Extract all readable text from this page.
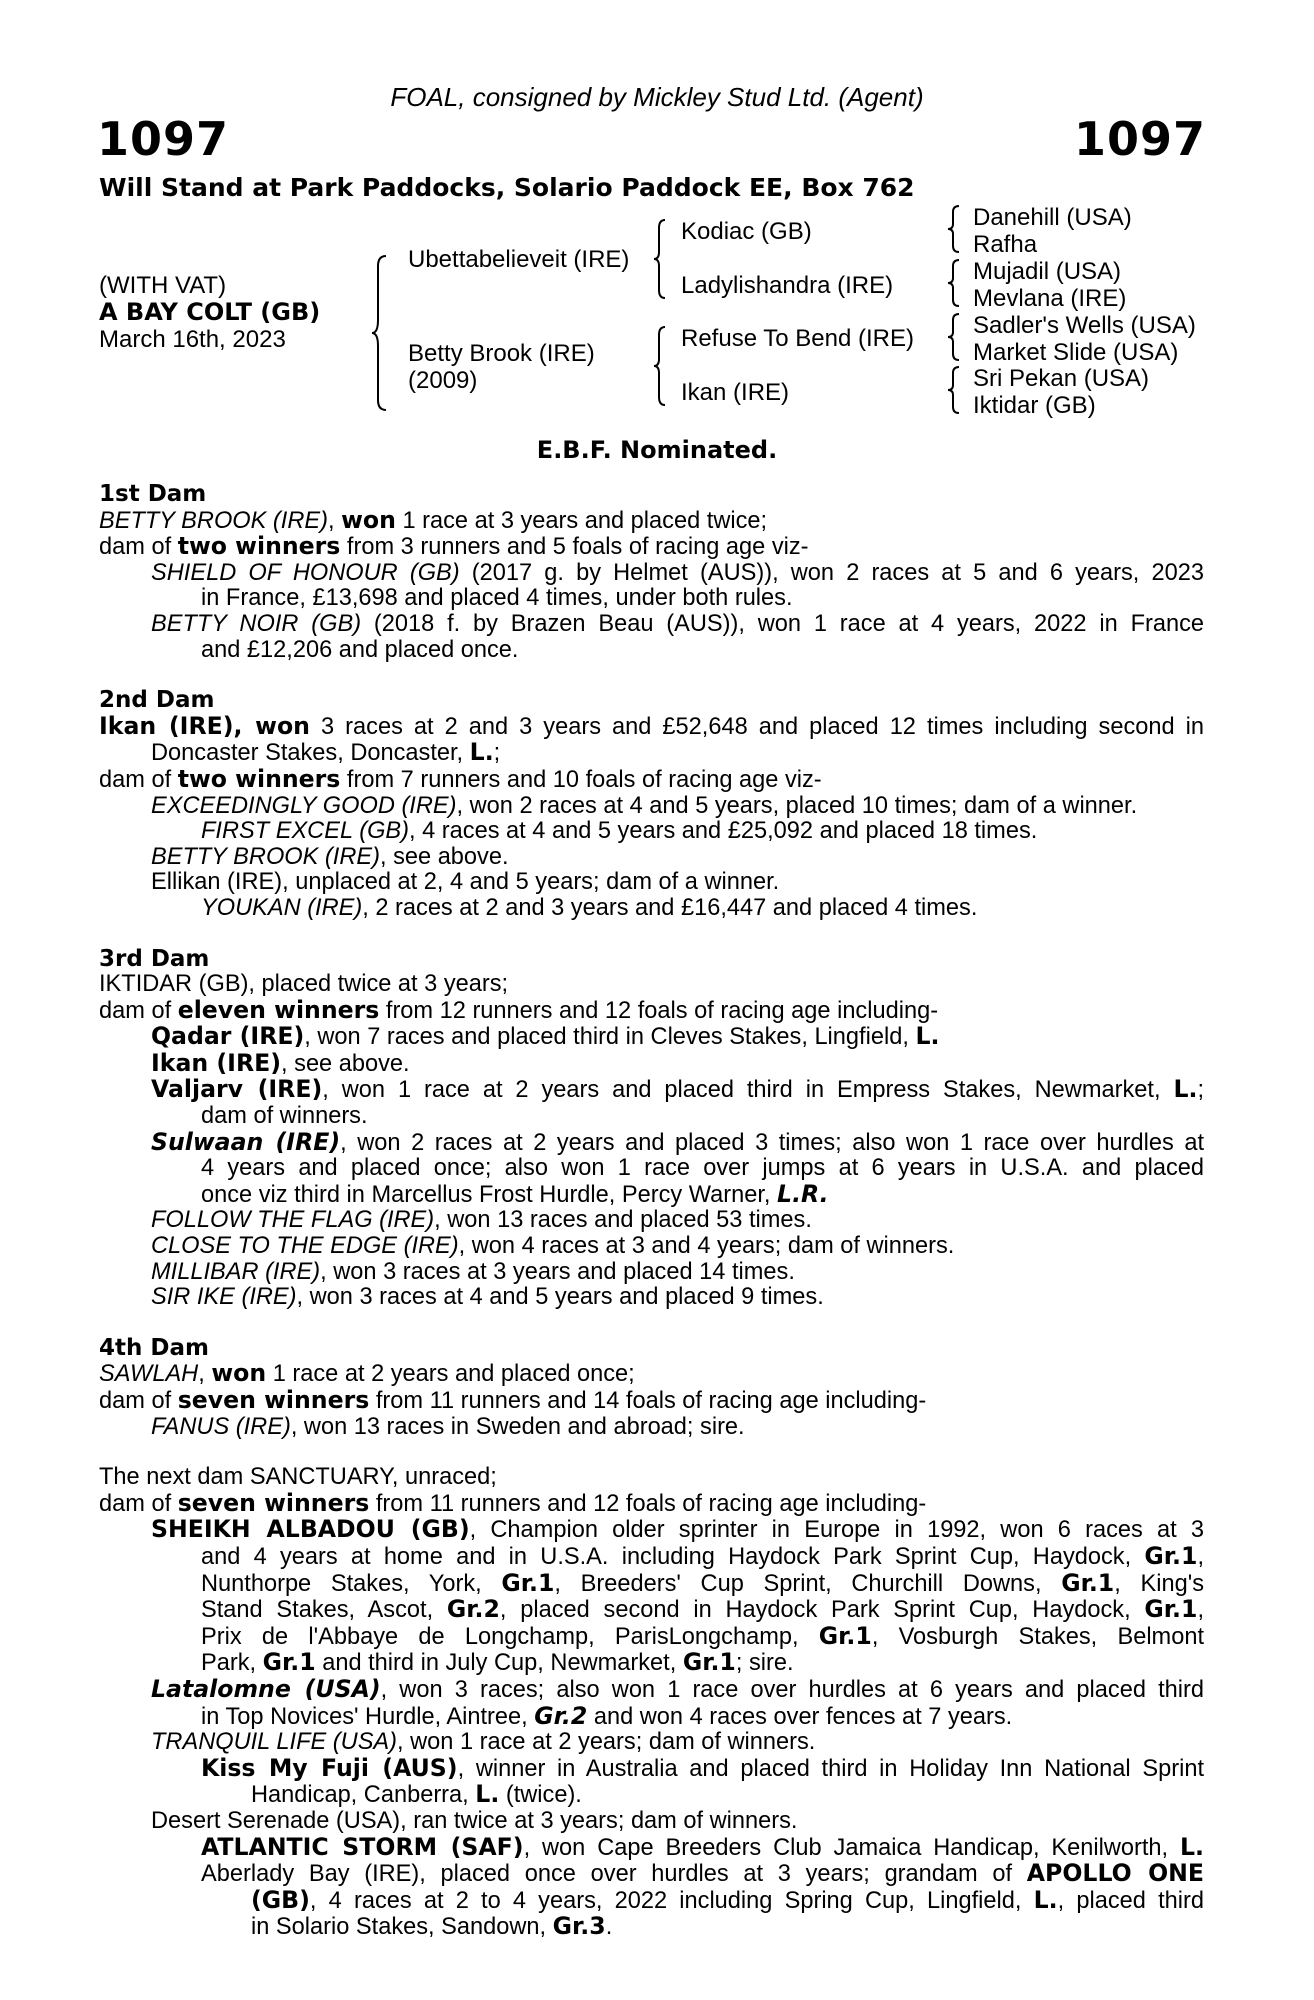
FOAL, consigned by Mickley Stud Ltd. (Agent)
1097	1097
Will Stand at Park Paddocks, Solario Paddock EE, Box 762
(WITH VAT)
A BAY COLT (GB)
March 16th, 2023
Ubettabelieveit (IRE)
Betty Brook (IRE)
(2009)
Kodiac (GB)
Ladylishandra (IRE)
Refuse To Bend (IRE)
Ikan (IRE)
Danehill (USA)
Rafha
Mujadil (USA)
Mevlana (IRE)
Sadler's Wells (USA)
Market Slide (USA)
Sri Pekan (USA)
Iktidar (GB)
E.B.F. Nominated.
1st Dam
BETTY BROOK (IRE), won 1 race at 3 years and placed twice;
dam of two winners from 3 runners and 5 foals of racing age viz-
SHIELD OF HONOUR (GB) (2017 g. by Helmet (AUS)), won 2 races at 5 and 6 years, 2023
in France, £13,698 and placed 4 times, under both rules.
BETTY NOIR (GB) (2018 f. by Brazen Beau (AUS)), won 1 race at 4 years, 2022 in France
and £12,206 and placed once.
2nd Dam
Ikan (IRE), won 3 races at 2 and 3 years and £52,648 and placed 12 times including second in
Doncaster Stakes, Doncaster, L.;
dam of two winners from 7 runners and 10 foals of racing age viz-
EXCEEDINGLY GOOD (IRE), won 2 races at 4 and 5 years, placed 10 times; dam of a winner.
FIRST EXCEL (GB), 4 races at 4 and 5 years and £25,092 and placed 18 times.
BETTY BROOK (IRE), see above.
Ellikan (IRE), unplaced at 2, 4 and 5 years; dam of a winner.
YOUKAN (IRE), 2 races at 2 and 3 years and £16,447 and placed 4 times.
3rd Dam
IKTIDAR (GB), placed twice at 3 years;
dam of eleven winners from 12 runners and 12 foals of racing age including-
Qadar (IRE), won 7 races and placed third in Cleves Stakes, Lingfield, L.
Ikan (IRE), see above.
Valjarv (IRE), won 1 race at 2 years and placed third in Empress Stakes, Newmarket, L.;
dam of winners.
Sulwaan (IRE), won 2 races at 2 years and placed 3 times; also won 1 race over hurdles at
4 years and placed once; also won 1 race over jumps at 6 years in U.S.A. and placed
once viz third in Marcellus Frost Hurdle, Percy Warner, L.R.
FOLLOW THE FLAG (IRE), won 13 races and placed 53 times.
CLOSE TO THE EDGE (IRE), won 4 races at 3 and 4 years; dam of winners.
MILLIBAR (IRE), won 3 races at 3 years and placed 14 times.
SIR IKE (IRE), won 3 races at 4 and 5 years and placed 9 times.
4th Dam
SAWLAH, won 1 race at 2 years and placed once;
dam of seven winners from 11 runners and 14 foals of racing age including-
FANUS (IRE), won 13 races in Sweden and abroad; sire.
The next dam SANCTUARY, unraced;
dam of seven winners from 11 runners and 12 foals of racing age including-
SHEIKH ALBADOU (GB), Champion older sprinter in Europe in 1992, won 6 races at 3
and 4 years at home and in U.S.A. including Haydock Park Sprint Cup, Haydock, Gr.1,
Nunthorpe Stakes, York, Gr.1, Breeders' Cup Sprint, Churchill Downs, Gr.1, King's
Stand Stakes, Ascot, Gr.2, placed second in Haydock Park Sprint Cup, Haydock, Gr.1,
Prix de l'Abbaye de Longchamp, ParisLongchamp, Gr.1, Vosburgh Stakes, Belmont
Park, Gr.1 and third in July Cup, Newmarket, Gr.1; sire.
Latalomne (USA), won 3 races; also won 1 race over hurdles at 6 years and placed third
in Top Novices' Hurdle, Aintree, Gr.2 and won 4 races over fences at 7 years.
TRANQUIL LIFE (USA), won 1 race at 2 years; dam of winners.
Kiss My Fuji (AUS), winner in Australia and placed third in Holiday Inn National Sprint
Handicap, Canberra, L. (twice).
Desert Serenade (USA), ran twice at 3 years; dam of winners.
ATLANTIC STORM (SAF), won Cape Breeders Club Jamaica Handicap, Kenilworth, L.
Aberlady Bay (IRE), placed once over hurdles at 3 years; grandam of APOLLO ONE
(GB), 4 races at 2 to 4 years, 2022 including Spring Cup, Lingfield, L., placed third
in Solario Stakes, Sandown, Gr.3.
